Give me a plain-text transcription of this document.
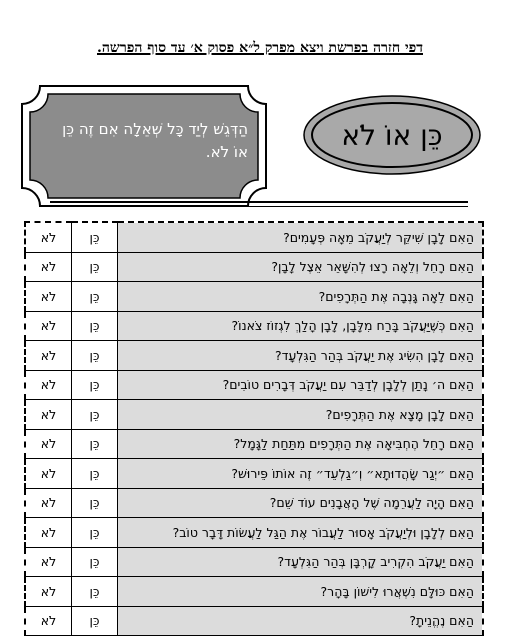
דפי חזרה בפרשת ויצא מפרק ל״א פסוק א׳ עד סוף הפרשה.
הַדְּגֵשׁ לְיַד כָּל שְׁאֵלָה אִם זֶה כֵּן אוֹ לֹא.
כֵּן אוֹ לֹא
לֹא	כֵּן	הַאִם לָבָן שִׁיקֵּר לְיַעֲקֹב מֵאָה פְּעָמִים?
לֹא	כֵּן	הַאִם רָחֵל וְלֵאָה רָצוּ לְהִשָּׁאֵר אֵצֶל לָבָן?
לֹא	כֵּן	הַאִם לֵאָה גָּנְבָה אֶת הַתְּרָפִים?
לֹא	כֵּן	הַאִם כְּשֶׁיַּעֲקֹב בָּרַח מִלָּבָן, לָבָן הָלַךְ לִגְזוֹז צֹאנוֹ?
לֹא	כֵּן	הַאִם לָבָן הִשִּׂיג אֶת יַעֲקֹב בְּהַר הַגִּלְעָד?
לֹא	כֵּן	הַאִם ה׳ נָתַן לְלָבָן לְדַבֵּר עִם יַעֲקֹב דְּבָרִים טוֹבִים?
לֹא	כֵּן	הַאִם לָבָן מָצָא אֶת הַתְּרָפִים?
לֹא	כֵּן	הַאִם רָחֵל הֶחְבִּיאָה אֶת הַתְּרָפִים מִתַּחַת לַגָּמָל?
לֹא	כֵּן	הַאִם ״יְגַר שָׂהֲדוּתָא״ וְ״גַלְעֵד״ זֶה אוֹתוֹ פֵּירוּשׁ?
לֹא	כֵּן	הַאִם הָיָה לַעֲרֵמָה שֶׁל הָאֲבָנִים עוֹד שֵׁם?
לֹא	כֵּן	הַאִם לְלָבָן וּלְיַעֲקֹב אָסוּר לַעֲבוֹר אֶת הַגַּל לַעֲשׂוֹת דָּבָר טוֹב?
לֹא	כֵּן	הַאִם יַעֲקֹב הִקְרִיב קָרְבָּן בְּהַר הַגִּלְעָד?
לֹא	כֵּן	הַאִם כּוּלָּם נִשְׁאֲרוּ לִישׁוֹן בָּהָר?
לֹא	כֵּן	הַאִם נֶהֱנֵיתָ?
